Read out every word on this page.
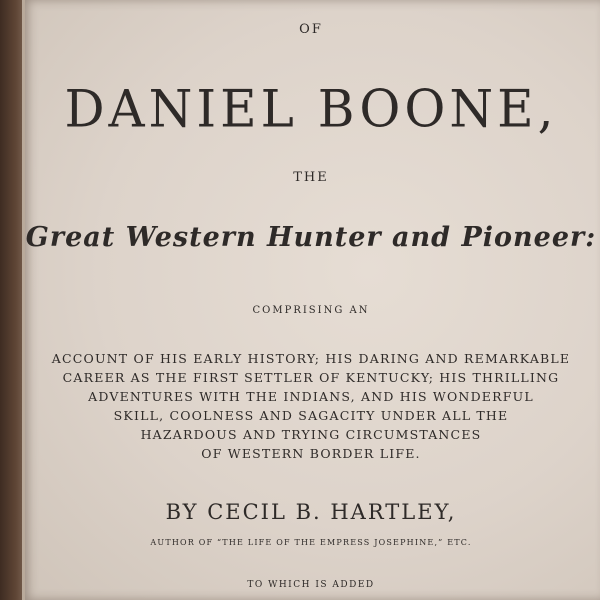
OF
DANIEL BOONE,
THE
Great Western Hunter and Pioneer:
COMPRISING AN
ACCOUNT OF HIS EARLY HISTORY; HIS DARING AND REMARKABLE
CAREER AS THE FIRST SETTLER OF KENTUCKY; HIS THRILLING
ADVENTURES WITH THE INDIANS, AND HIS WONDERFUL
SKILL, COOLNESS AND SAGACITY UNDER ALL THE
HAZARDOUS AND TRYING CIRCUMSTANCES
OF WESTERN BORDER LIFE.
BY CECIL B. HARTLEY,
AUTHOR OF “THE LIFE OF THE EMPRESS JOSEPHINE,” ETC.
TO WHICH IS ADDED
